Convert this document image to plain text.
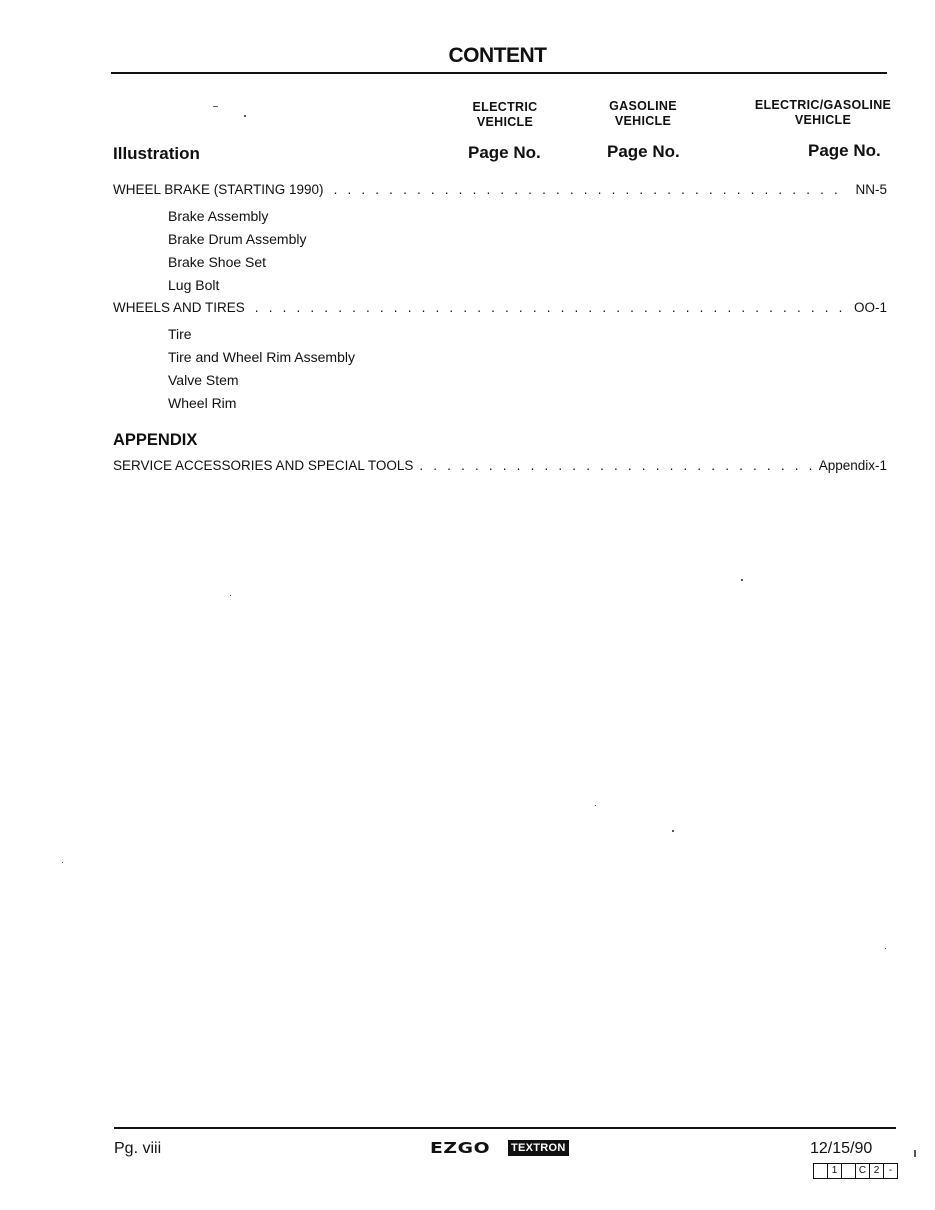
CONTENT
ELECTRIC
VEHICLE
GASOLINE
VEHICLE
ELECTRIC/GASOLINE
VEHICLE
Illustration	Page No.	Page No.	Page No.
WHEEL BRAKE (STARTING 1990) . . .	NN-5
Brake Assembly
Brake Drum Assembly
Brake Shoe Set
Lug Bolt
WHEELS AND TIRES . . .	OO-1
Tire
Tire and Wheel Rim Assembly
Valve Stem
Wheel Rim
APPENDIX
SERVICE ACCESSORIES AND SPECIAL TOOLS . . .	Appendix-1
Pg. viii	EZGO	TEXTRON	12/15/90
1	C 2 -
